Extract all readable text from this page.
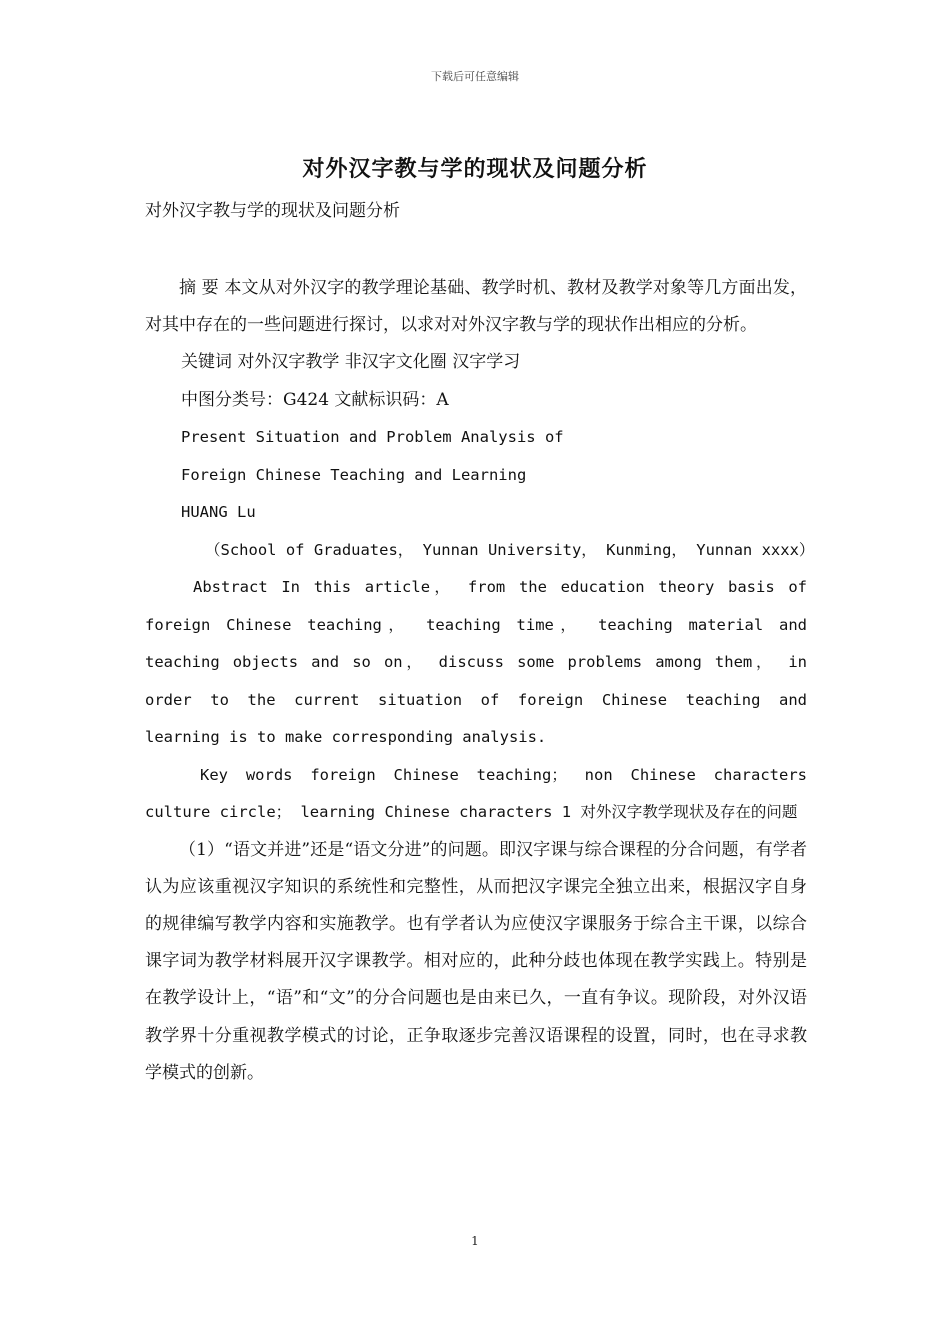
下载后可任意编辑
对外汉字教与学的现状及问题分析

对外汉字教与学的现状及问题分析

摘 要 本文从对外汉字的教学理论基础、教学时机、教材及教学对象等几方面出发，对其中存在的一些问题进行探讨，以求对对外汉字教与学的现状作出相应的分析。

关键词 对外汉字教学 非汉字文化圈 汉字学习

中图分类号：G424 文献标识码：A

Present Situation and Problem Analysis of

Foreign Chinese Teaching and Learning

HUANG Lu

（School of Graduates， Yunnan University， Kunming， Yunnan xxxx）

Abstract In this article， from the education theory basis of foreign Chinese teaching， teaching time， teaching material and teaching objects and so on， discuss some problems among them， in order to the current situation of foreign Chinese teaching and learning is to make corresponding analysis.

Key words foreign Chinese teaching； non Chinese characters culture circle； learning Chinese characters 1 对外汉字教学现状及存在的问题

（1）“语文并进”还是“语文分进”的问题。即汉字课与综合课程的分合问题，有学者认为应该重视汉字知识的系统性和完整性，从而把汉字课完全独立出来，根据汉字自身的规律编写教学内容和实施教学。也有学者认为应使汉字课服务于综合主干课，以综合课字词为教学材料展开汉字课教学。相对应的，此种分歧也体现在教学实践上。特别是在教学设计上，“语”和“文”的分合问题也是由来已久，一直有争议。现阶段，对外汉语教学界十分重视教学模式的讨论，正争取逐步完善汉语课程的设置，同时，也在寻求教学模式的创新。

1
